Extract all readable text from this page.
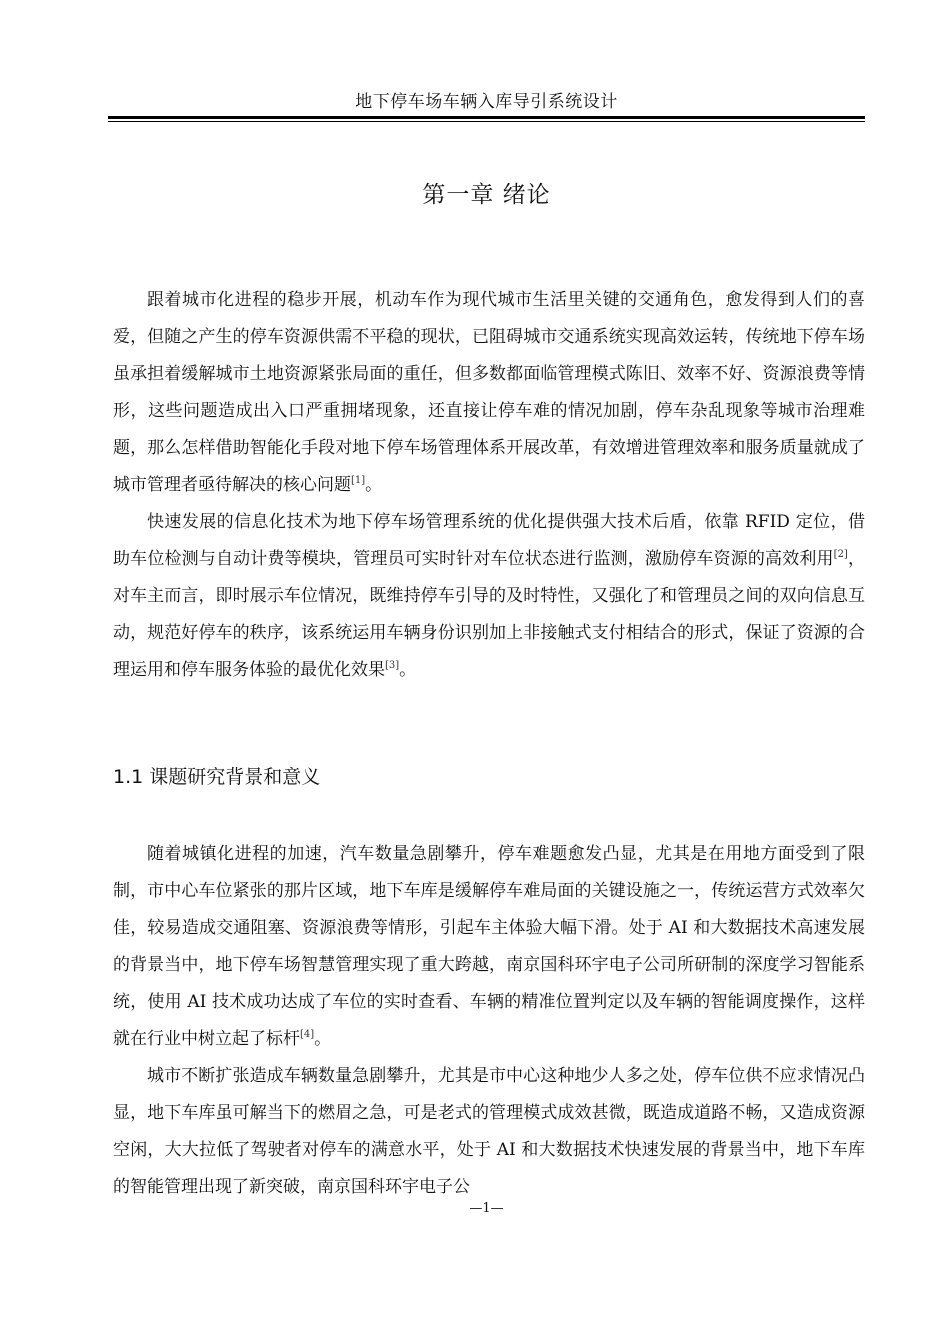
地下停车场车辆入库导引系统设计
第一章 绪论

跟着城市化进程的稳步开展，机动车作为现代城市生活里关键的交通角色，愈发得到人们的喜爱，但随之产生的停车资源供需不平稳的现状，已阻碍城市交通系统实现高效运转，传统地下停车场虽承担着缓解城市土地资源紧张局面的重任，但多数都面临管理模式陈旧、效率不好、资源浪费等情形，这些问题造成出入口严重拥堵现象，还直接让停车难的情况加剧，停车杂乱现象等城市治理难题，那么怎样借助智能化手段对地下停车场管理体系开展改革，有效增进管理效率和服务质量就成了城市管理者亟待解决的核心问题[1]。

快速发展的信息化技术为地下停车场管理系统的优化提供强大技术后盾，依靠 RFID 定位，借助车位检测与自动计费等模块，管理员可实时针对车位状态进行监测，激励停车资源的高效利用[2]，对车主而言，即时展示车位情况，既维持停车引导的及时特性，又强化了和管理员之间的双向信息互动，规范好停车的秩序，该系统运用车辆身份识别加上非接触式支付相结合的形式，保证了资源的合理运用和停车服务体验的最优化效果[3]。

1.1 课题研究背景和意义

随着城镇化进程的加速，汽车数量急剧攀升，停车难题愈发凸显，尤其是在用地方面受到了限制，市中心车位紧张的那片区域，地下车库是缓解停车难局面的关键设施之一，传统运营方式效率欠佳，较易造成交通阻塞、资源浪费等情形，引起车主体验大幅下滑。处于 AI 和大数据技术高速发展的背景当中，地下停车场智慧管理实现了重大跨越，南京国科环宇电子公司所研制的深度学习智能系统，使用 AI 技术成功达成了车位的实时查看、车辆的精准位置判定以及车辆的智能调度操作，这样就在行业中树立起了标杆[4]。

城市不断扩张造成车辆数量急剧攀升，尤其是市中心这种地少人多之处，停车位供不应求情况凸显，地下车库虽可解当下的燃眉之急，可是老式的管理模式成效甚微，既造成道路不畅，又造成资源空闲，大大拉低了驾驶者对停车的满意水平，处于 AI 和大数据技术快速发展的背景当中，地下车库的智能管理出现了新突破，南京国科环宇电子公

—1—
